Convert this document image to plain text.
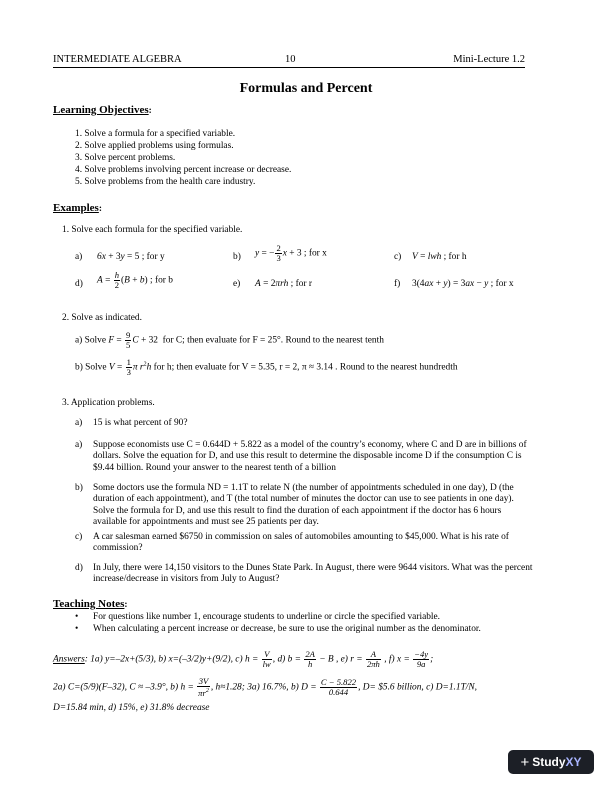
INTERMEDIATE ALGEBRA	10	Mini-Lecture 1.2
Formulas and Percent
Learning Objectives:
1. Solve a formula for a specified variable.
2. Solve applied problems using formulas.
3. Solve percent problems.
4. Solve problems involving percent increase or decrease.
5. Solve problems from the health care industry.
Examples:
1. Solve each formula for the specified variable.
a) 6x + 3y = 5 ; for y	b) y = − $\frac{2}{3}$ x + 3 ; for x	c) V = lwh ; for h
d) $A = \frac{h}{2} (B + b)$ ; for b	e) A = 2πrh ; for r	f) 3(4ax + y) = 3ax − y ; for x
2. Solve as indicated.
a) Solve $F = \frac{9}{5}$ C + 32  for C; then evaluate for F = 25°. Round to the nearest tenth
b) Solve $V = \frac{1}{3}$ π $r^2h$ for h; then evaluate for V = 5.35, r = 2, π ≈ 3.14 . Round to the nearest hundredth
3. Application problems.
a) 15 is what percent of 90?
a) Suppose economists use C = 0.644D + 5.822 as a model of the country’s economy, where C and D are in billions of dollars. Solve the equation for D, and use this result to determine the disposable income D if the consumption C is $9.44 billion. Round your answer to the nearest tenth of a billion
b) Some doctors use the formula ND = 1.1T to relate N (the number of appointments scheduled in one day), D (the duration of each appointment), and T (the total number of minutes the doctor can use to see patients in one day). Solve the formula for D, and use this result to find the duration of each appointment if the doctor has 6 hours available for appointments and must see 25 patients per day.
c) A car salesman earned $6750 in commission on sales of automobiles amounting to $45,000. What is his rate of commission?
d) In July, there were 14,150 visitors to the Dunes State Park. In August, there were 9644 visitors. What was the percent increase/decrease in visitors from July to August?
Teaching Notes:
• For questions like number 1, encourage students to underline or circle the specified variable.
• When calculating a percent increase or decrease, be sure to use the original number as the denominator.
Answers: 1a) y=–2x+(5/3), b) x=(–3/2)y+(9/2), c) $h = \frac{V}{lw}$ , d) $b = \frac{2A}{h} - B$ , e) $r = \frac{A}{2\pi h}$ , f) $x = \frac{-4y}{9a}$ ;
2a) C=(5/9)(F–32), C ≈ –3.9°, b) $h = \frac{3V}{\pi r^2}$ , h≈1.28; 3a) 16.7%, b) $D = \frac{C - 5.822}{0.644}$ , D= $5.6 billion, c) D=1.1T/N,
D=15.84 min, d) 15%, e) 31.8% decrease
+ Study XY
